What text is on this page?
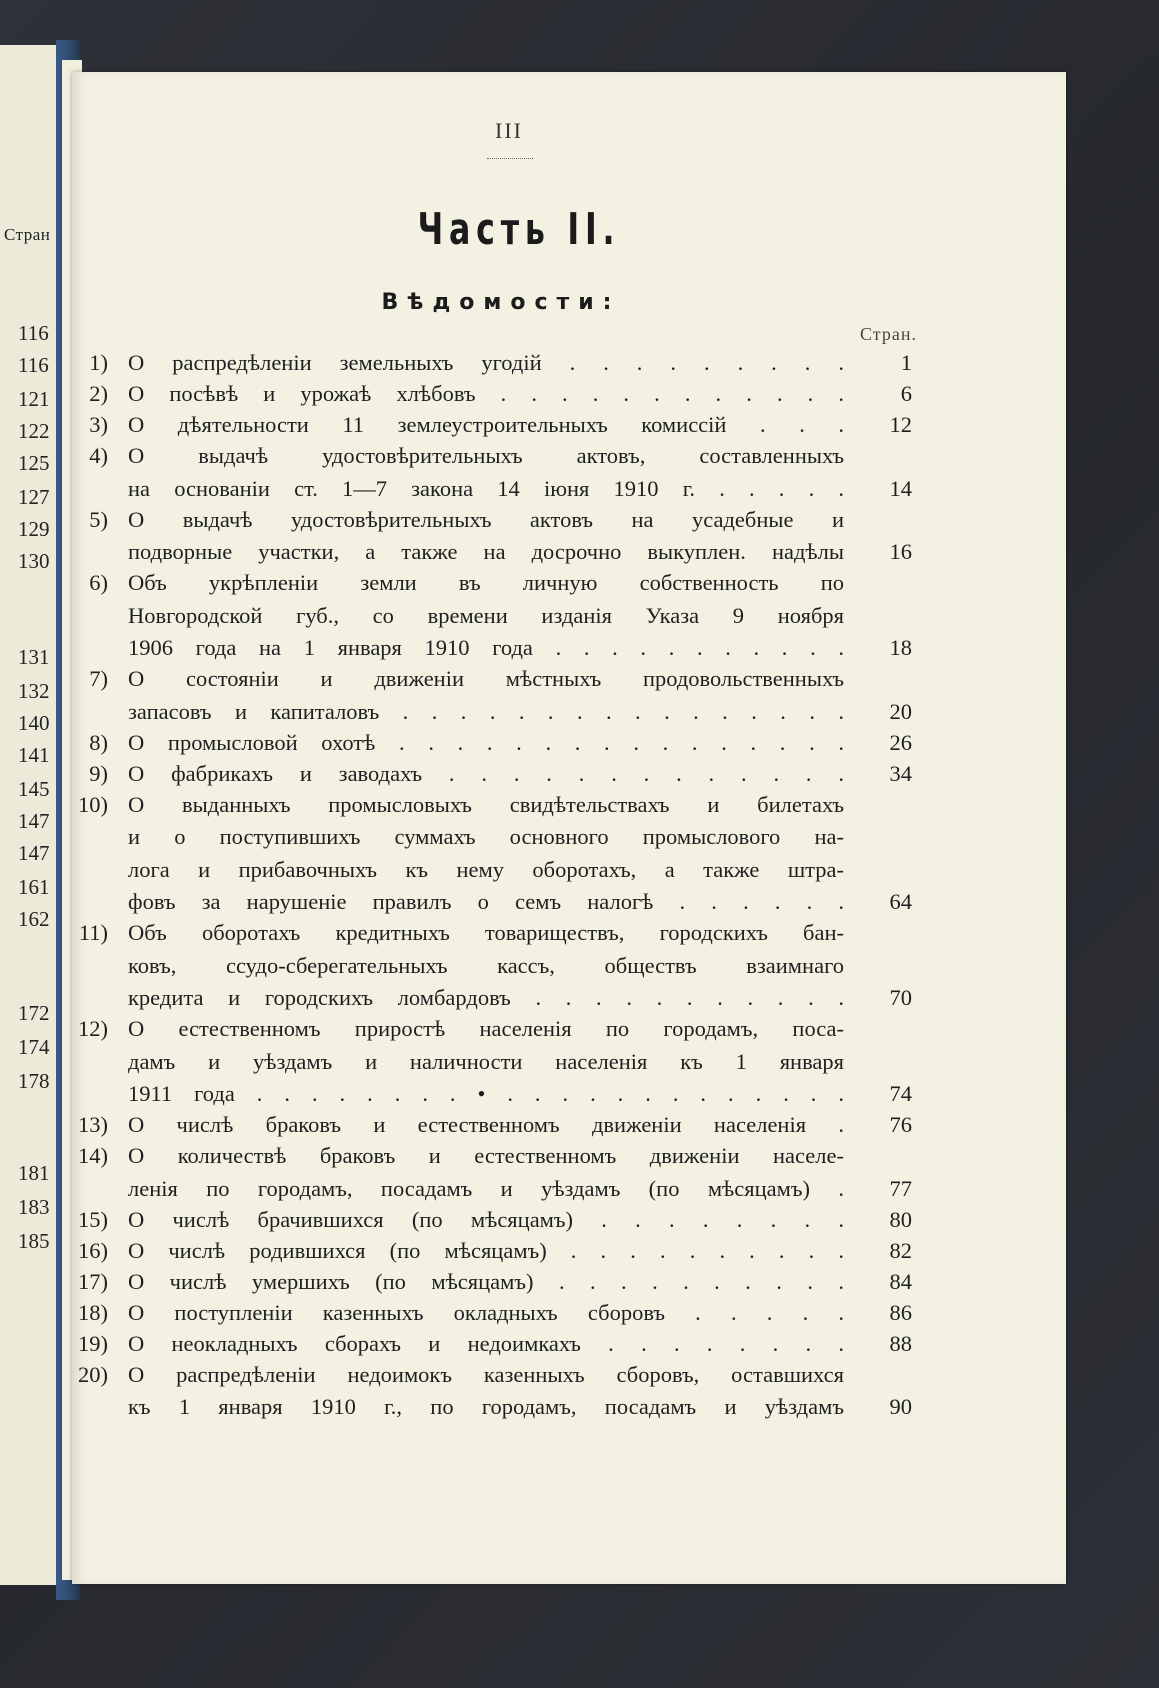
Стран
116
116
121
122
125
127
129
130
131
132
140
141
145
147
147
161
162
172
174
178
181
183
185
III
Часть II.
Вѣдомости:
Стран.
1) О распредѣленіи земельныхъ угодій . . . . . . . . .	1
2) О посѣвѣ и урожаѣ хлѣбовъ . . . . . . . . . . . .	6
3) О дѣятельности 11 землеустроительныхъ комиссій . . .	12
4) О выдачѣ удостовѣрительныхъ актовъ, составленныхъ
на основаніи ст. 1—7 закона 14 іюня 1910 г. . . . . .	14
5) О выдачѣ удостовѣрительныхъ актовъ на усадебные и
подворные участки, а также на досрочно выкуплен. надѣлы	16
6) Объ укрѣпленіи земли въ личную собственность по
Новгородской губ., со времени изданія Указа 9 ноября
1906 года на 1 января 1910 года . . . . . . . . . . .	18
7) О состояніи и движеніи мѣстныхъ продовольственныхъ
запасовъ и капиталовъ . . . . . . . . . . . . . . . .	20
8) О промысловой охотѣ . . . . . . . . . . . . . . . .	26
9) О фабрикахъ и заводахъ . . . . . . . . . . . . .	34
10) О выданныхъ промысловыхъ свидѣтельствахъ и билетахъ
и о поступившихъ суммахъ основного промыслового на-
лога и прибавочныхъ къ нему оборотахъ, а также штра-
фовъ за нарушеніе правилъ о семъ налогѣ . . . . . .	64
11) Объ оборотахъ кредитныхъ товариществъ, городскихъ бан-
ковъ, ссудо-сберегательныхъ кассъ, обществъ взаимнаго
кредита и городскихъ ломбардовъ . . . . . . . . . . .	70
12) О естественномъ приростѣ населенія по городамъ, поса-
дамъ и уѣздамъ и наличности населенія къ 1 января
1911 года . . . . . . . . • . . . . . . . . . . . . .	74
13) О числѣ браковъ и естественномъ движеніи населенія .	76
14) О количествѣ браковъ и естественномъ движеніи населе-
ленія по городамъ, посадамъ и уѣздамъ (по мѣсяцамъ) .	77
15) О числѣ брачившихся (по мѣсяцамъ) . . . . . . . .	80
16) О числѣ родившихся (по мѣсяцамъ) . . . . . . . . . .	82
17) О числѣ умершихъ (по мѣсяцамъ) . . . . . . . . . .	84
18) О поступленіи казенныхъ окладныхъ сборовъ . . . . .	86
19) О неокладныхъ сборахъ и недоимкахъ . . . . . . . .	88
20) О распредѣленіи недоимокъ казенныхъ сборовъ, оставшихся
къ 1 января 1910 г., по городамъ, посадамъ и уѣздамъ	90
